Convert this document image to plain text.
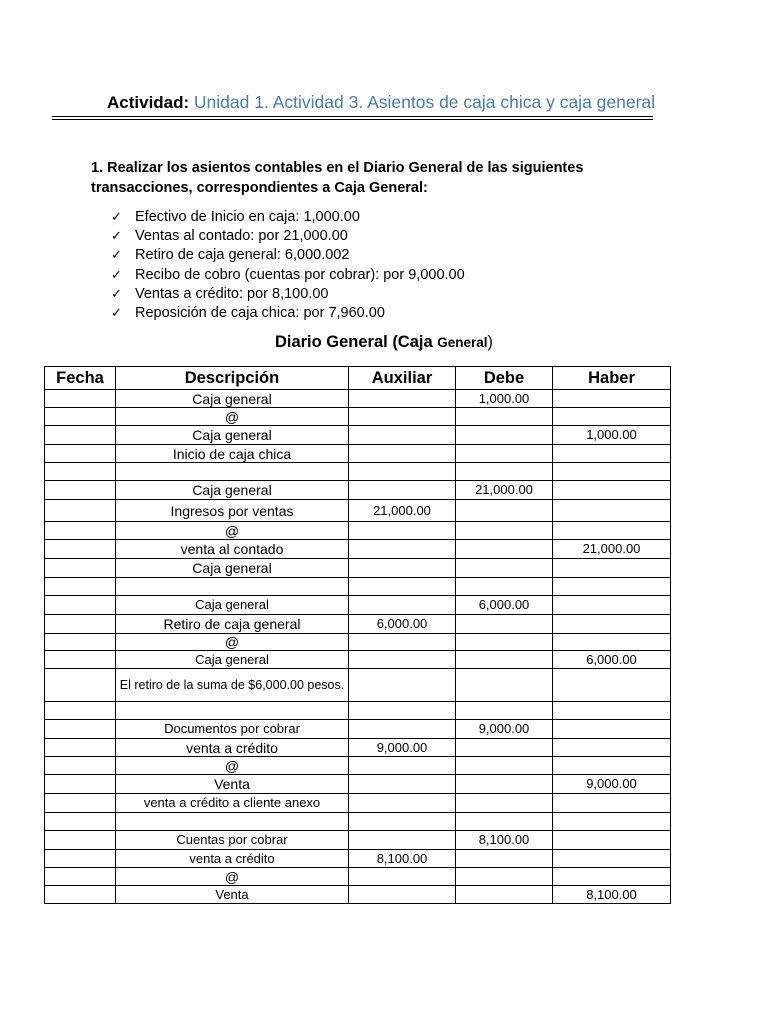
Actividad: Unidad 1. Actividad 3. Asientos de caja chica y caja general
1. Realizar los asientos contables en el Diario General de las siguientes transacciones, correspondientes a Caja General:
✓ Efectivo de Inicio en caja: 1,000.00
✓ Ventas al contado: por 21,000.00
✓ Retiro de caja general: 6,000.002
✓ Recibo de cobro (cuentas por cobrar): por 9,000.00
✓ Ventas a crédito: por 8,100.00
✓ Reposición de caja chica: por 7,960.00
Diario General (Caja General)
Fecha	Descripción	Auxiliar	Debe	Haber
	Caja general		1,000.00	
	@			
	Caja general			1,000.00
	Inicio de caja chica			

	Caja general		21,000.00	
	Ingresos por ventas	21,000.00		
	@			
	venta al contado			21,000.00
	Caja general			

	Caja general		6,000.00	
	Retiro de caja general	6,000.00		
	@			
	Caja general			6,000.00
	El retiro de la suma de $6,000.00 pesos.			

	Documentos por cobrar		9,000.00	
	venta a crédito	9,000.00		
	@			
	Venta			9,000.00
	venta a crédito a cliente anexo			

	Cuentas por cobrar		8,100.00	
	venta a crédito	8,100.00		
	@			
	Venta			8,100.00
